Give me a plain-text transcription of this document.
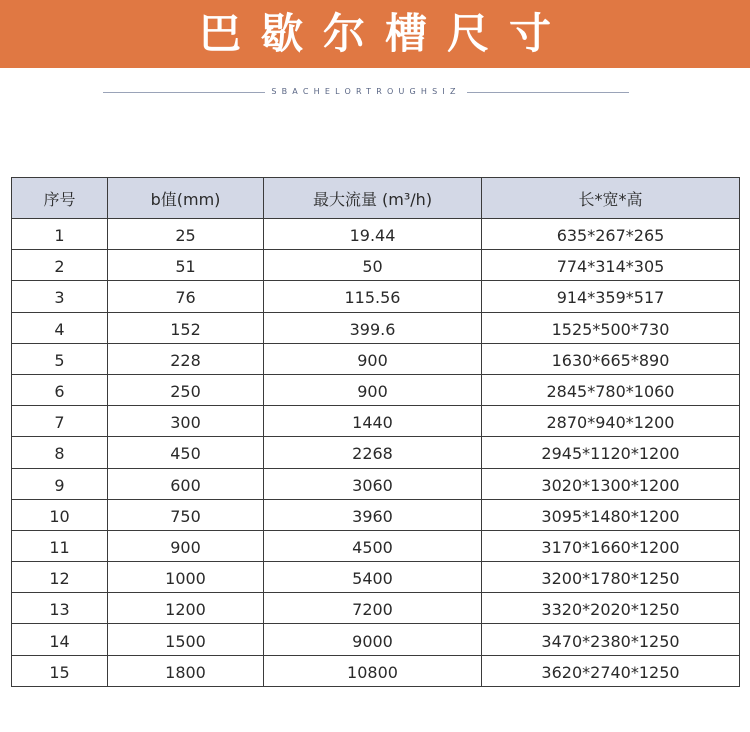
巴歇尔槽尺寸
SBACHELORTROUGHSIZ
序号	b值(mm)	最大流量 (m³/h)	长*宽*高
1	25	19.44	635*267*265
2	51	50	774*314*305
3	76	115.56	914*359*517
4	152	399.6	1525*500*730
5	228	900	1630*665*890
6	250	900	2845*780*1060
7	300	1440	2870*940*1200
8	450	2268	2945*1120*1200
9	600	3060	3020*1300*1200
10	750	3960	3095*1480*1200
11	900	4500	3170*1660*1200
12	1000	5400	3200*1780*1250
13	1200	7200	3320*2020*1250
14	1500	9000	3470*2380*1250
15	1800	10800	3620*2740*1250
